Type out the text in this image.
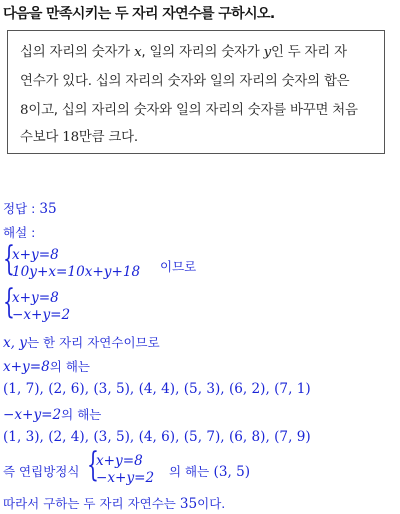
다음을 만족시키는 두 자리 자연수를 구하시오.
십의 자리의 숫자가 x, 일의 자리의 숫자가 y인 두 자리 자
연수가 있다. 십의 자리의 숫자와 일의 자리의 숫자의 합은
8이고, 십의 자리의 숫자와 일의 자리의 숫자를 바꾸면 처음
수보다 18만큼 크다.
정답 : 35
해설 :
{
x+y=8
10y+x=10x+y+18 이므로
{
x+y=8
−x+y=2
x, y는 한 자리 자연수이므로
x+y=8의 해는
(1, 7), (2, 6), (3, 5), (4, 4), (5, 3), (6, 2), (7, 1)
−x+y=2의 해는
(1, 3), (2, 4), (3, 5), (4, 6), (5, 7), (6, 8), (7, 9)
즉 연립방정식 {
x+y=8
−x+y=2 의 해는 (3, 5)
따라서 구하는 두 자리 자연수는 35이다.
